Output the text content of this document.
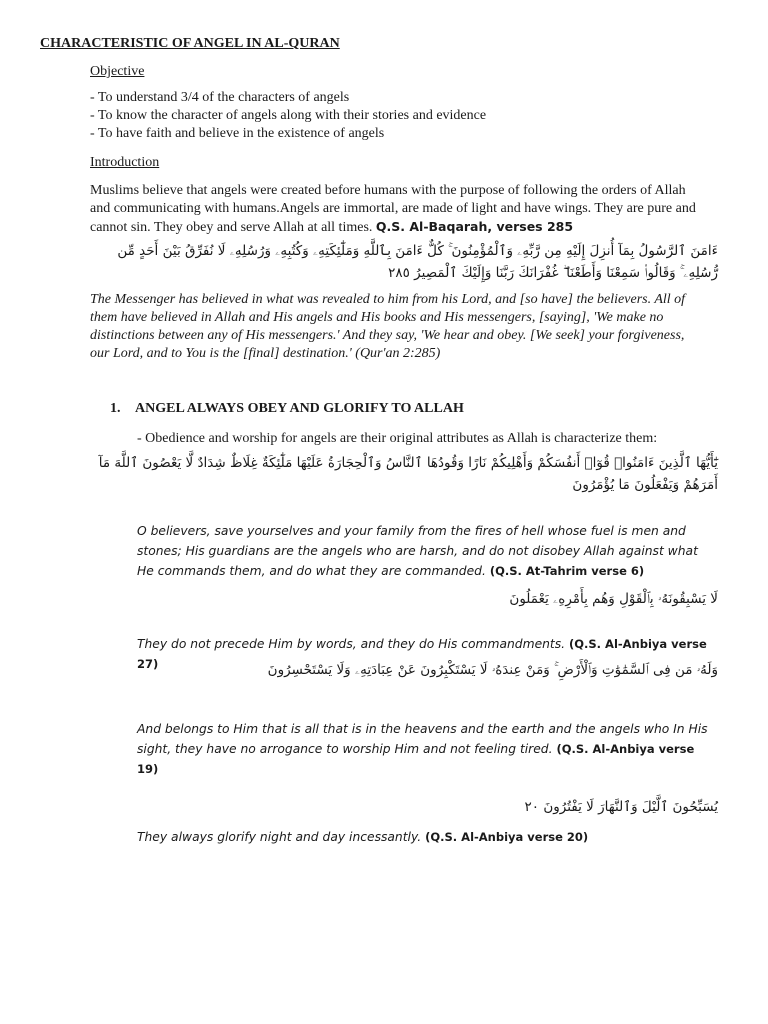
CHARACTERISTIC OF ANGEL IN AL-QURAN
Objective
- To understand 3/4 of the characters of angels
- To know the character of angels along with their stories and evidence
- To have faith and believe in the existence of angels
Introduction
Muslims believe that angels were created before humans with the purpose of following the orders of Allah and communicating with humans.Angels are immortal, are made of light and have wings. They are pure and cannot sin. They obey and serve Allah at all times. Q.S. Al-Baqarah, verses 285
ءَامَنَ ٱلرَّسُولُ بِمَآ أُنزِلَ إِلَيْهِ مِن رَّبِّهِۦ وَٱلْمُؤْمِنُونَ ۚ كُلٌّ ءَامَنَ بِٱللَّهِ وَمَلَٰٓئِكَتِهِۦ وَكُتُبِهِۦ وَرُسُلِهِۦ لَا نُفَرِّقُ بَيْنَ أَحَدٍ مِّن رُّسُلِهِۦ ۚ وَقَالُوا۟ سَمِعْنَا وَأَطَعْنَا ۖ غُفْرَانَكَ رَبَّنَا وَإِلَيْكَ ٱلْمَصِيرُ ٢٨٥
The Messenger has believed in what was revealed to him from his Lord, and [so have] the believers. All of them have believed in Allah and His angels and His books and His messengers, [saying], 'We make no distinctions between any of His messengers.' And they say, 'We hear and obey. [We seek] your forgiveness, our Lord, and to You is the [final] destination.' (Qur'an 2:285)
1. ANGEL ALWAYS OBEY AND GLORIFY TO ALLAH
- Obedience and worship for angels are their original attributes as Allah is characterize them:
يَٰٓأَيُّهَا ٱلَّذِينَ ءَامَنُوا۟ قُوٓا۟ أَنفُسَكُمْ وَأَهْلِيكُمْ نَارًا وَقُودُهَا ٱلنَّاسُ وَٱلْحِجَارَةُ عَلَيْهَا مَلَٰٓئِكَةٌ غِلَاظٌ شِدَادٌ لَّا يَعْصُونَ ٱللَّهَ مَآ أَمَرَهُمْ وَيَفْعَلُونَ مَا يُؤْمَرُونَ
O believers, save yourselves and your family from the fires of hell whose fuel is men and stones; His guardians are the angels who are harsh, and do not disobey Allah against what He commands them, and do what they are commanded. (Q.S. At-Tahrim verse 6)
لَا يَسْبِقُونَهُۥ بِٱلْقَوْلِ وَهُم بِأَمْرِهِۦ يَعْمَلُونَ
They do not precede Him by words, and they do His commandments. (Q.S. Al-Anbiya verse 27)	وَلَهُۥ مَن فِى ٱلسَّمَٰوَٰتِ وَٱلْأَرْضِ ۚ وَمَنْ عِندَهُۥ لَا يَسْتَكْبِرُونَ عَنْ عِبَادَتِهِۦ وَلَا يَسْتَحْسِرُونَ
And belongs to Him that is all that is in the heavens and the earth and the angels who In His sight, they have no arrogance to worship Him and not feeling tired. (Q.S. Al-Anbiya verse 19)
يُسَبِّحُونَ ٱلَّيْلَ وَٱلنَّهَارَ لَا يَفْتُرُونَ ٢٠
They always glorify night and day incessantly. (Q.S. Al-Anbiya verse 20)
